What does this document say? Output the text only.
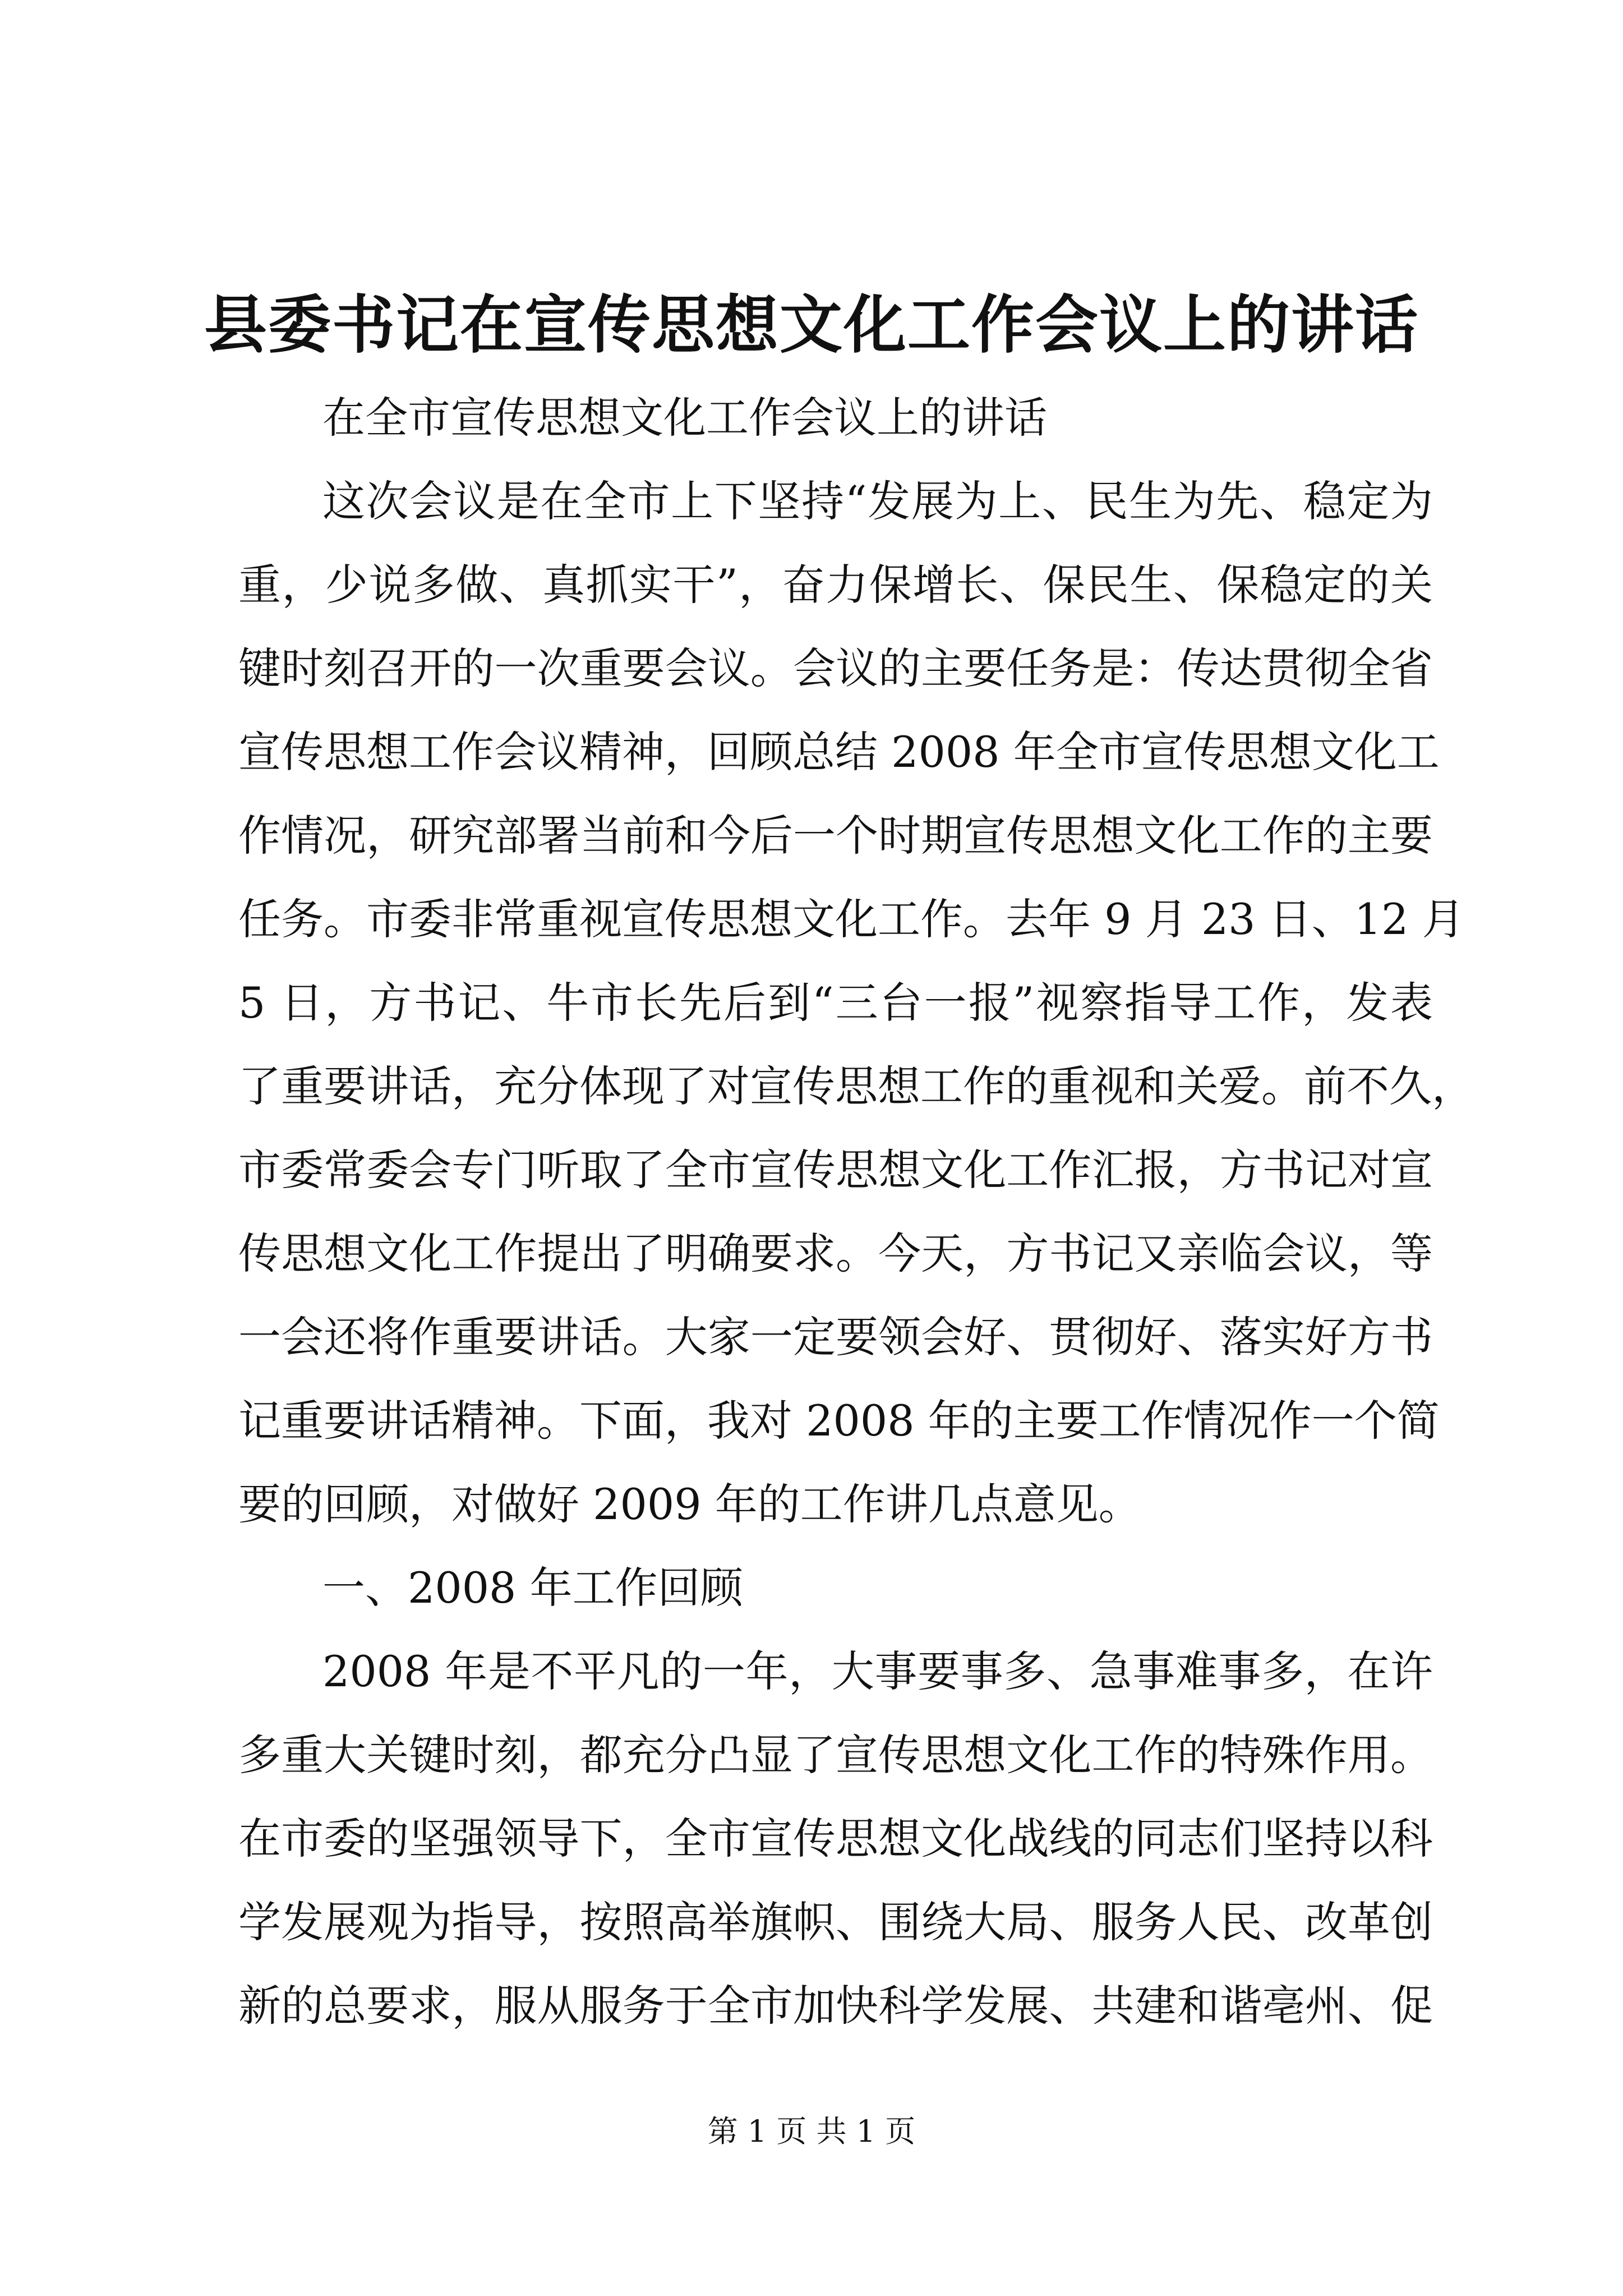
县委书记在宣传思想文化工作会议上的讲话
在全市宣传思想文化工作会议上的讲话
这次会议是在全市上下坚持“发展为上、民生为先、稳定为
重，少说多做、真抓实干”，奋力保增长、保民生、保稳定的关
键时刻召开的一次重要会议。会议的主要任务是：传达贯彻全省
宣传思想工作会议精神，回顾总结 2008 年全市宣传思想文化工
作情况，研究部署当前和今后一个时期宣传思想文化工作的主要
任务。市委非常重视宣传思想文化工作。去年 9 月 23 日、12 月
5 日，方书记、牛市长先后到“三台一报”视察指导工作，发表
了重要讲话，充分体现了对宣传思想工作的重视和关爱。前不久，
市委常委会专门听取了全市宣传思想文化工作汇报，方书记对宣
传思想文化工作提出了明确要求。今天，方书记又亲临会议，等
一会还将作重要讲话。大家一定要领会好、贯彻好、落实好方书
记重要讲话精神。下面，我对 2008 年的主要工作情况作一个简
要的回顾，对做好 2009 年的工作讲几点意见。
一、2008 年工作回顾
2008 年是不平凡的一年，大事要事多、急事难事多，在许
多重大关键时刻，都充分凸显了宣传思想文化工作的特殊作用。
在市委的坚强领导下，全市宣传思想文化战线的同志们坚持以科
学发展观为指导，按照高举旗帜、围绕大局、服务人民、改革创
新的总要求，服从服务于全市加快科学发展、共建和谐亳州、促
第 1 页 共 1 页
